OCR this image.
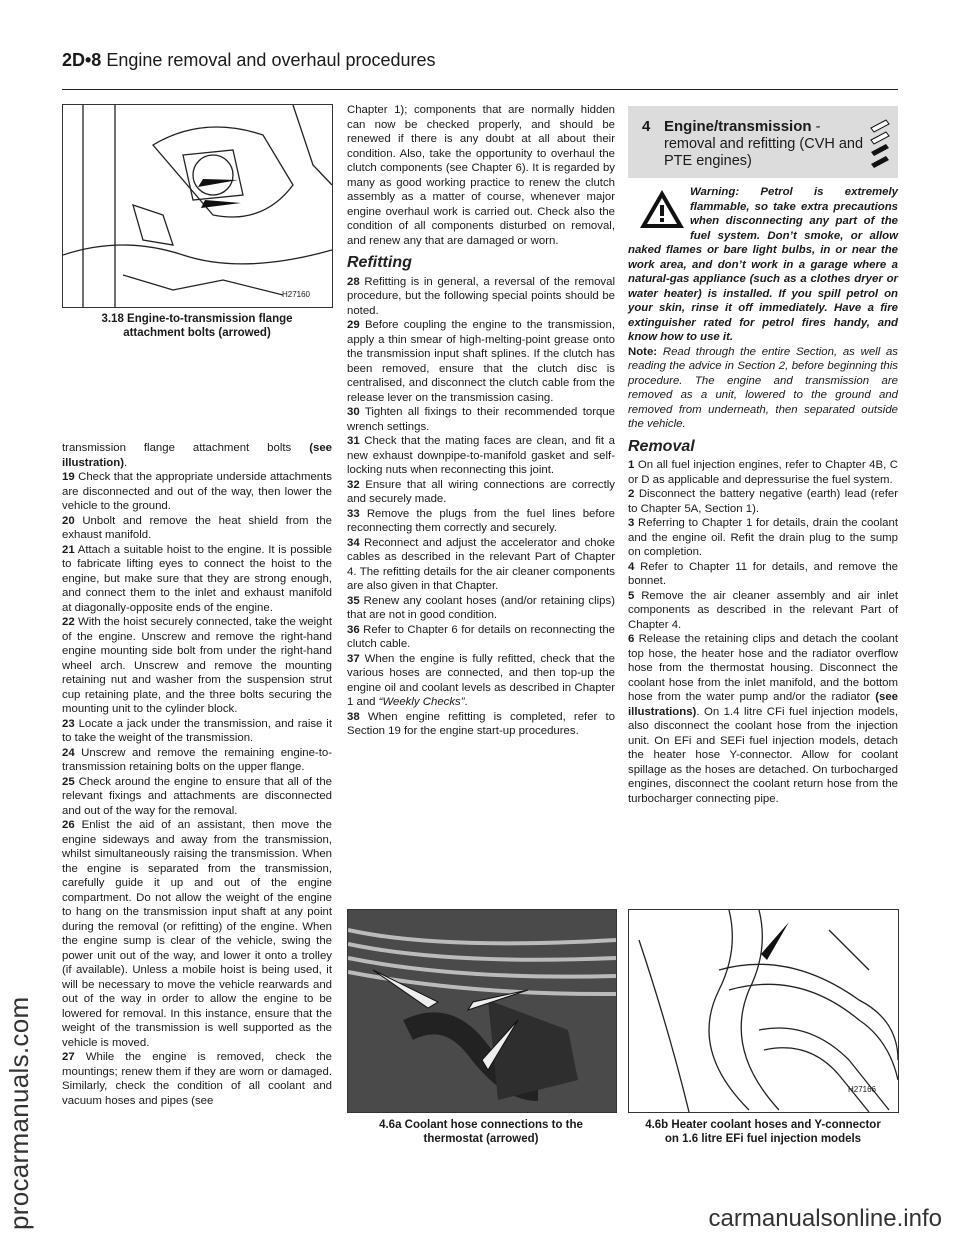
2D•8 Engine removal and overhaul procedures
procarmanuals.com	carmanualsonline.info
H27160
3.18 Engine-to-transmission flange
attachment bolts (arrowed)

transmission flange attachment bolts (see illustration).

19 Check that the appropriate underside attachments are disconnected and out of the way, then lower the vehicle to the ground.

20 Unbolt and remove the heat shield from the exhaust manifold.

21 Attach a suitable hoist to the engine. It is possible to fabricate lifting eyes to connect the hoist to the engine, but make sure that they are strong enough, and connect them to the inlet and exhaust manifold at diagonally-opposite ends of the engine.

22 With the hoist securely connected, take the weight of the engine. Unscrew and remove the right-hand engine mounting side bolt from under the right-hand wheel arch. Unscrew and remove the mounting retaining nut and washer from the suspension strut cup retaining plate, and the three bolts securing the mounting unit to the cylinder block.

23 Locate a jack under the transmission, and raise it to take the weight of the transmission.

24 Unscrew and remove the remaining engine-to-transmission retaining bolts on the upper flange.

25 Check around the engine to ensure that all of the relevant fixings and attachments are disconnected and out of the way for the removal.

26 Enlist the aid of an assistant, then move the engine sideways and away from the transmission, whilst simultaneously raising the transmission. When the engine is separated from the transmission, carefully guide it up and out of the engine compartment. Do not allow the weight of the engine to hang on the transmission input shaft at any point during the removal (or refitting) of the engine. When the engine sump is clear of the vehicle, swing the power unit out of the way, and lower it onto a trolley (if available). Unless a mobile hoist is being used, it will be necessary to move the vehicle rearwards and out of the way in order to allow the engine to be lowered for removal. In this instance, ensure that the weight of the transmission is well supported as the vehicle is moved.

27 While the engine is removed, check the mountings; renew them if they are worn or damaged. Similarly, check the condition of all coolant and vacuum hoses and pipes (see

Chapter 1); components that are normally hidden can now be checked properly, and should be renewed if there is any doubt at all about their condition. Also, take the opportunity to overhaul the clutch components (see Chapter 6). It is regarded by many as good working practice to renew the clutch assembly as a matter of course, whenever major engine overhaul work is carried out. Check also the condition of all components disturbed on removal, and renew any that are damaged or worn.

Refitting

28 Refitting is in general, a reversal of the removal procedure, but the following special points should be noted.

29 Before coupling the engine to the transmission, apply a thin smear of high-melting-point grease onto the transmission input shaft splines. If the clutch has been removed, ensure that the clutch disc is centralised, and disconnect the clutch cable from the release lever on the transmission casing.

30 Tighten all fixings to their recommended torque wrench settings.

31 Check that the mating faces are clean, and fit a new exhaust downpipe-to-manifold gasket and self-locking nuts when reconnecting this joint.

32 Ensure that all wiring connections are correctly and securely made.

33 Remove the plugs from the fuel lines before reconnecting them correctly and securely.

34 Reconnect and adjust the accelerator and choke cables as described in the relevant Part of Chapter 4. The refitting details for the air cleaner components are also given in that Chapter.

35 Renew any coolant hoses (and/or retaining clips) that are not in good condition.

36 Refer to Chapter 6 for details on reconnecting the clutch cable.

37 When the engine is fully refitted, check that the various hoses are connected, and then top-up the engine oil and coolant levels as described in Chapter 1 and “Weekly Checks”.

38 When engine refitting is completed, refer to Section 19 for the engine start-up procedures.

4 Engine/transmission - removal and refitting (CVH and PTE engines)

Warning: Petrol is extremely flammable, so take extra precautions when disconnecting any part of the fuel system. Don’t smoke, or allow naked flames or bare light bulbs, in or near the work area, and don’t work in a garage where a natural-gas appliance (such as a clothes dryer or water heater) is installed. If you spill petrol on your skin, rinse it off immediately. Have a fire extinguisher rated for petrol fires handy, and know how to use it.

Note: Read through the entire Section, as well as reading the advice in Section 2, before beginning this procedure. The engine and transmission are removed as a unit, lowered to the ground and removed from underneath, then separated outside the vehicle.

Removal

1 On all fuel injection engines, refer to Chapter 4B, C or D as applicable and depressurise the fuel system.

2 Disconnect the battery negative (earth) lead (refer to Chapter 5A, Section 1).

3 Referring to Chapter 1 for details, drain the coolant and the engine oil. Refit the drain plug to the sump on completion.

4 Refer to Chapter 11 for details, and remove the bonnet.

5 Remove the air cleaner assembly and air inlet components as described in the relevant Part of Chapter 4.

6 Release the retaining clips and detach the coolant top hose, the heater hose and the radiator overflow hose from the thermostat housing. Disconnect the coolant hose from the inlet manifold, and the bottom hose from the water pump and/or the radiator (see illustrations). On 1.4 litre CFi fuel injection models, also disconnect the coolant hose from the injection unit. On EFi and SEFi fuel injection models, detach the heater hose Y-connector. Allow for coolant spillage as the hoses are detached. On turbocharged engines, disconnect the coolant return hose from the turbocharger connecting pipe.

4.6a Coolant hose connections to the
thermostat (arrowed)
H27166
4.6b Heater coolant hoses and Y-connector
on 1.6 litre EFi fuel injection models
